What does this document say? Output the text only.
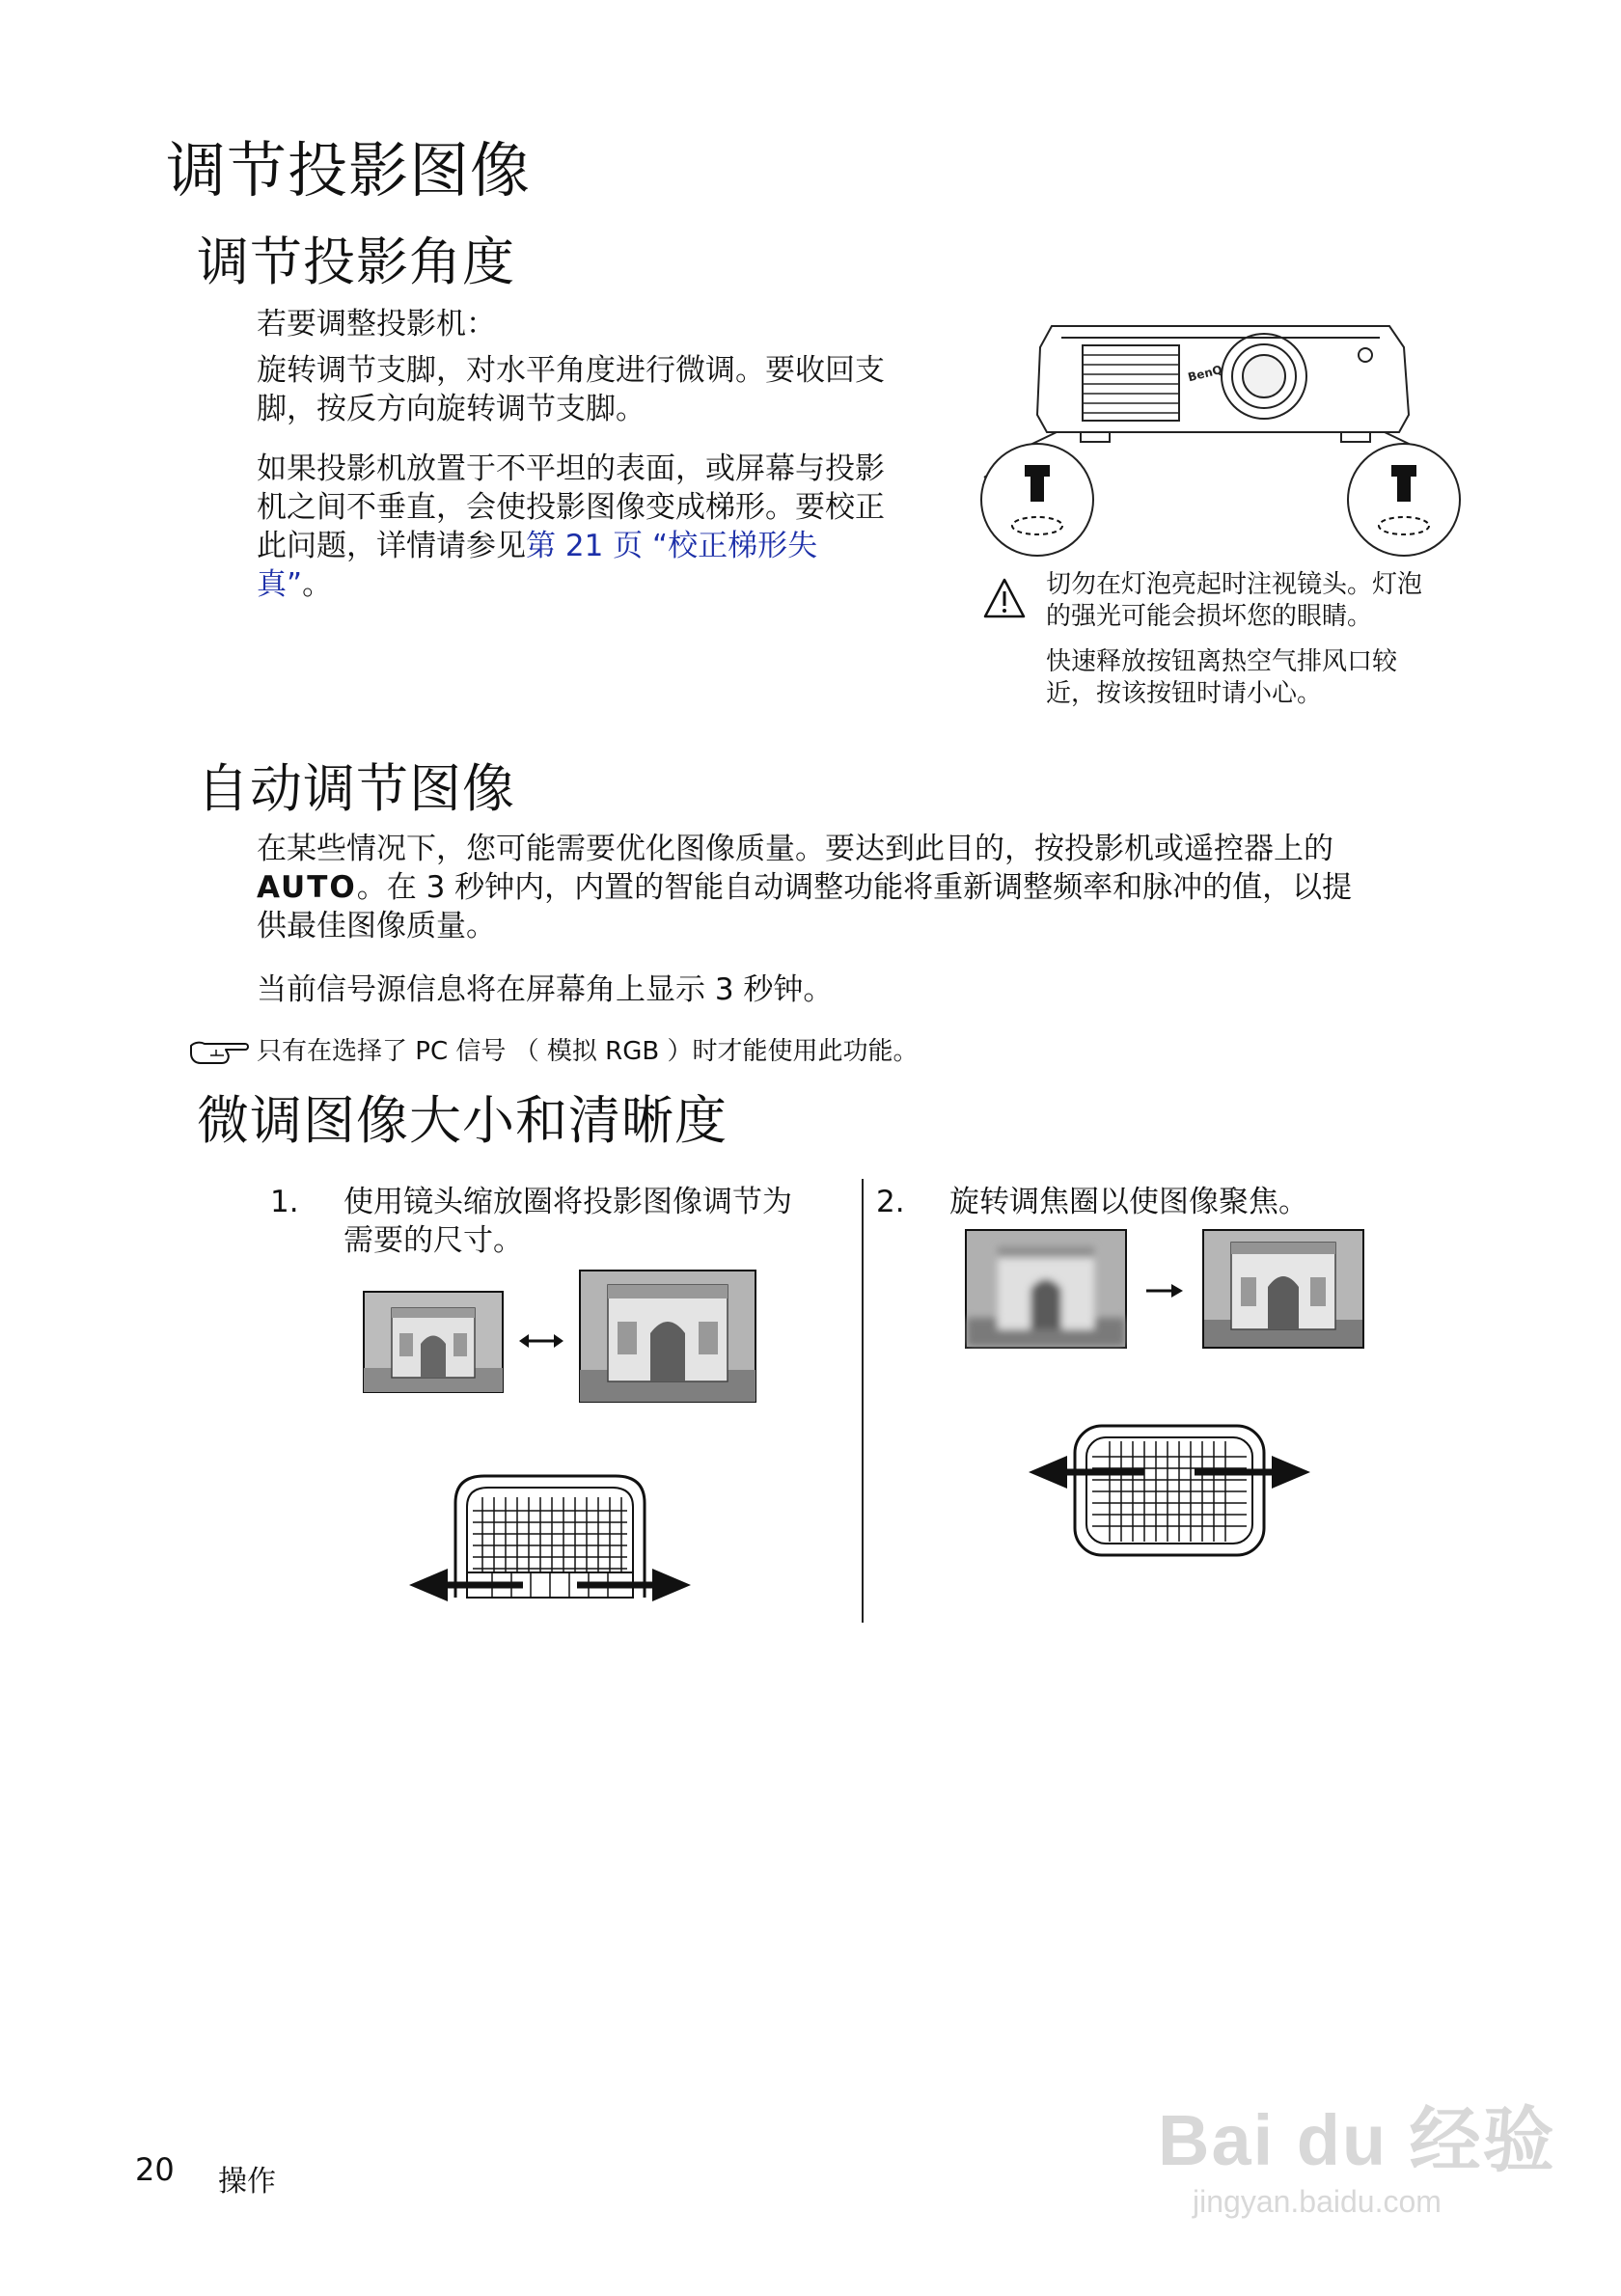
调节投影图像
调节投影角度
若要调整投影机：
旋转调节支脚，对水平角度进行微调。要收回支
脚，按反方向旋转调节支脚。
如果投影机放置于不平坦的表面，或屏幕与投影
机之间不垂直，会使投影图像变成梯形。要校正
此问题，详情请参见第 21 页 “校正梯形失
真”。
BenQ
切勿在灯泡亮起时注视镜头。灯泡
的强光可能会损坏您的眼睛。
快速释放按钮离热空气排风口较
近，按该按钮时请小心。
自动调节图像
在某些情况下，您可能需要优化图像质量。要达到此目的，按投影机或遥控器上的
AUTO。在 3 秒钟内，内置的智能自动调整功能将重新调整频率和脉冲的值，以提
供最佳图像质量。
当前信号源信息将在屏幕角上显示 3 秒钟。
只有在选择了 PC 信号 （ 模拟 RGB ）时才能使用此功能。
微调图像大小和清晰度
1. 使用镜头缩放圈将投影图像调节为
需要的尺寸。
2. 旋转调焦圈以使图像聚焦。
20 操作
Bai du 经验
jingyan.baidu.com
